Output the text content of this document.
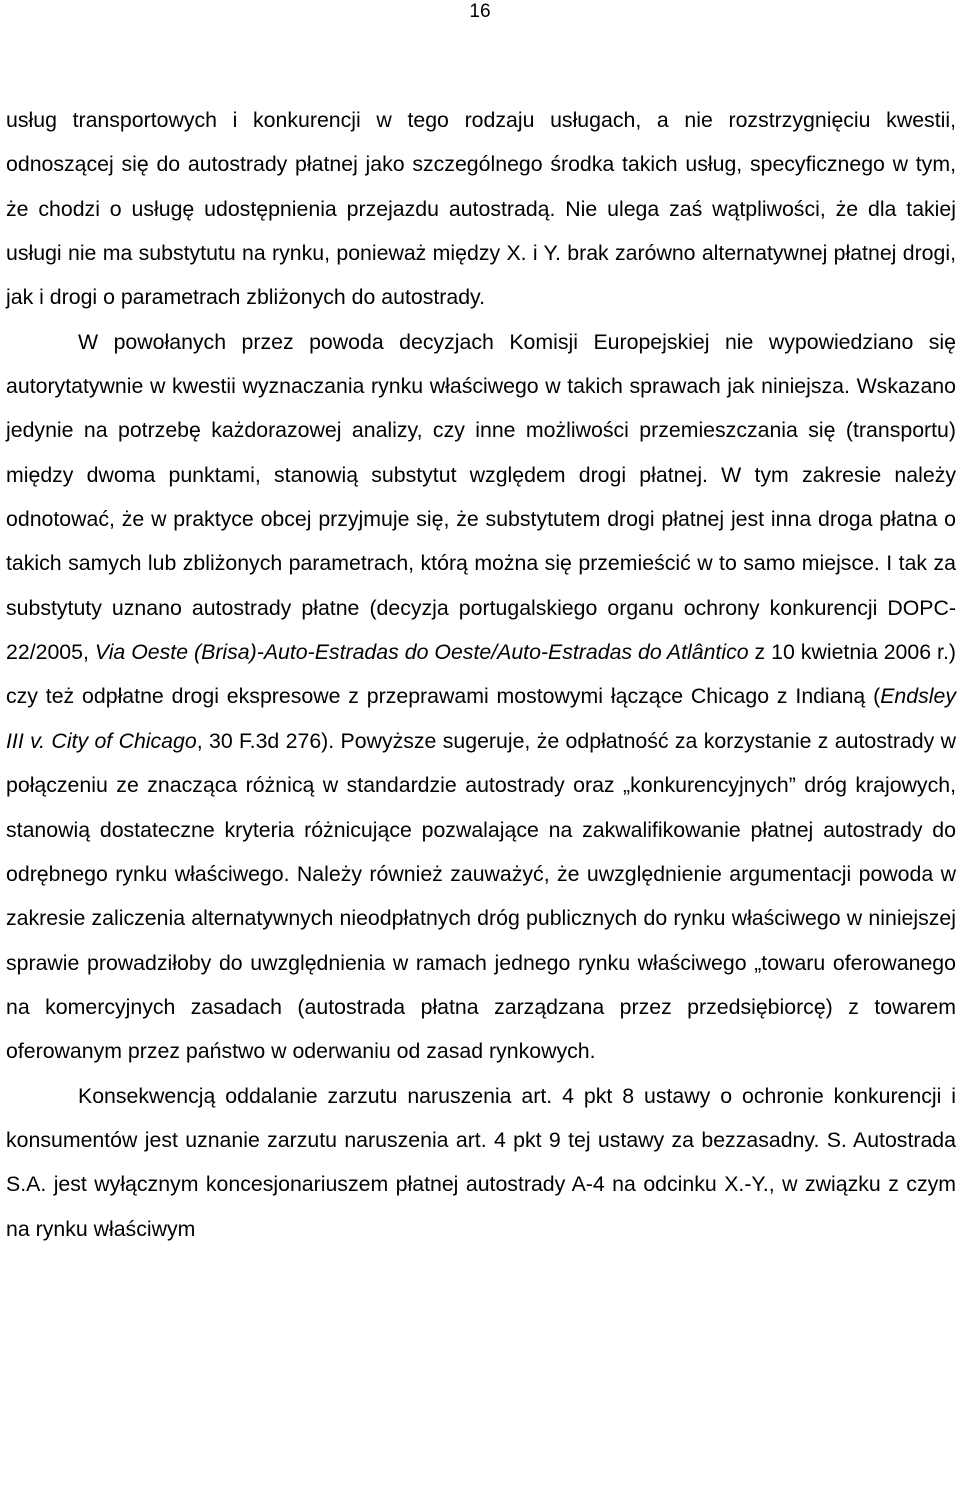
16

usług transportowych i konkurencji w tego rodzaju usługach, a nie rozstrzygnięciu kwestii, odnoszącej się do autostrady płatnej jako szczególnego środka takich usług, specyficznego w tym, że chodzi o usługę udostępnienia przejazdu autostradą. Nie ulega zaś wątpliwości, że dla takiej usługi nie ma substytutu na rynku, ponieważ między X. i Y. brak zarówno alternatywnej płatnej drogi, jak i drogi o parametrach zbliżonych do autostrady.

W powołanych przez powoda decyzjach Komisji Europejskiej nie wypowiedziano się autorytatywnie w kwestii wyznaczania rynku właściwego w takich sprawach jak niniejsza. Wskazano jedynie na potrzebę każdorazowej analizy, czy inne możliwości przemieszczania się (transportu) między dwoma punktami, stanowią substytut względem drogi płatnej. W tym zakresie należy odnotować, że w praktyce obcej przyjmuje się, że substytutem drogi płatnej jest inna droga płatna o takich samych lub zbliżonych parametrach, którą można się przemieścić w to samo miejsce. I tak za substytuty uznano autostrady płatne (decyzja portugalskiego organu ochrony konkurencji DOPC-22/2005, Via Oeste (Brisa)-Auto-Estradas do Oeste/Auto-Estradas do Atlântico z 10 kwietnia 2006 r.) czy też odpłatne drogi ekspresowe z przeprawami mostowymi łączące Chicago z Indianą (Endsley III v. City of Chicago, 30 F.3d 276). Powyższe sugeruje, że odpłatność za korzystanie z autostrady w połączeniu ze znacząca różnicą w standardzie autostrady oraz „konkurencyjnych” dróg krajowych, stanowią dostateczne kryteria różnicujące pozwalające na zakwalifikowanie płatnej autostrady do odrębnego rynku właściwego. Należy również zauważyć, że uwzględnienie argumentacji powoda w zakresie zaliczenia alternatywnych nieodpłatnych dróg publicznych do rynku właściwego w niniejszej sprawie prowadziłoby do uwzględnienia w ramach jednego rynku właściwego „towaru oferowanego na komercyjnych zasadach (autostrada płatna zarządzana przez przedsiębiorcę) z towarem oferowanym przez państwo w oderwaniu od zasad rynkowych.

Konsekwencją oddalanie zarzutu naruszenia art. 4 pkt 8 ustawy o ochronie konkurencji i konsumentów jest uznanie zarzutu naruszenia art. 4 pkt 9 tej ustawy za bezzasadny. S. Autostrada S.A. jest wyłącznym koncesjonariuszem płatnej autostrady A-4 na odcinku X.-Y., w związku z czym na rynku właściwym
